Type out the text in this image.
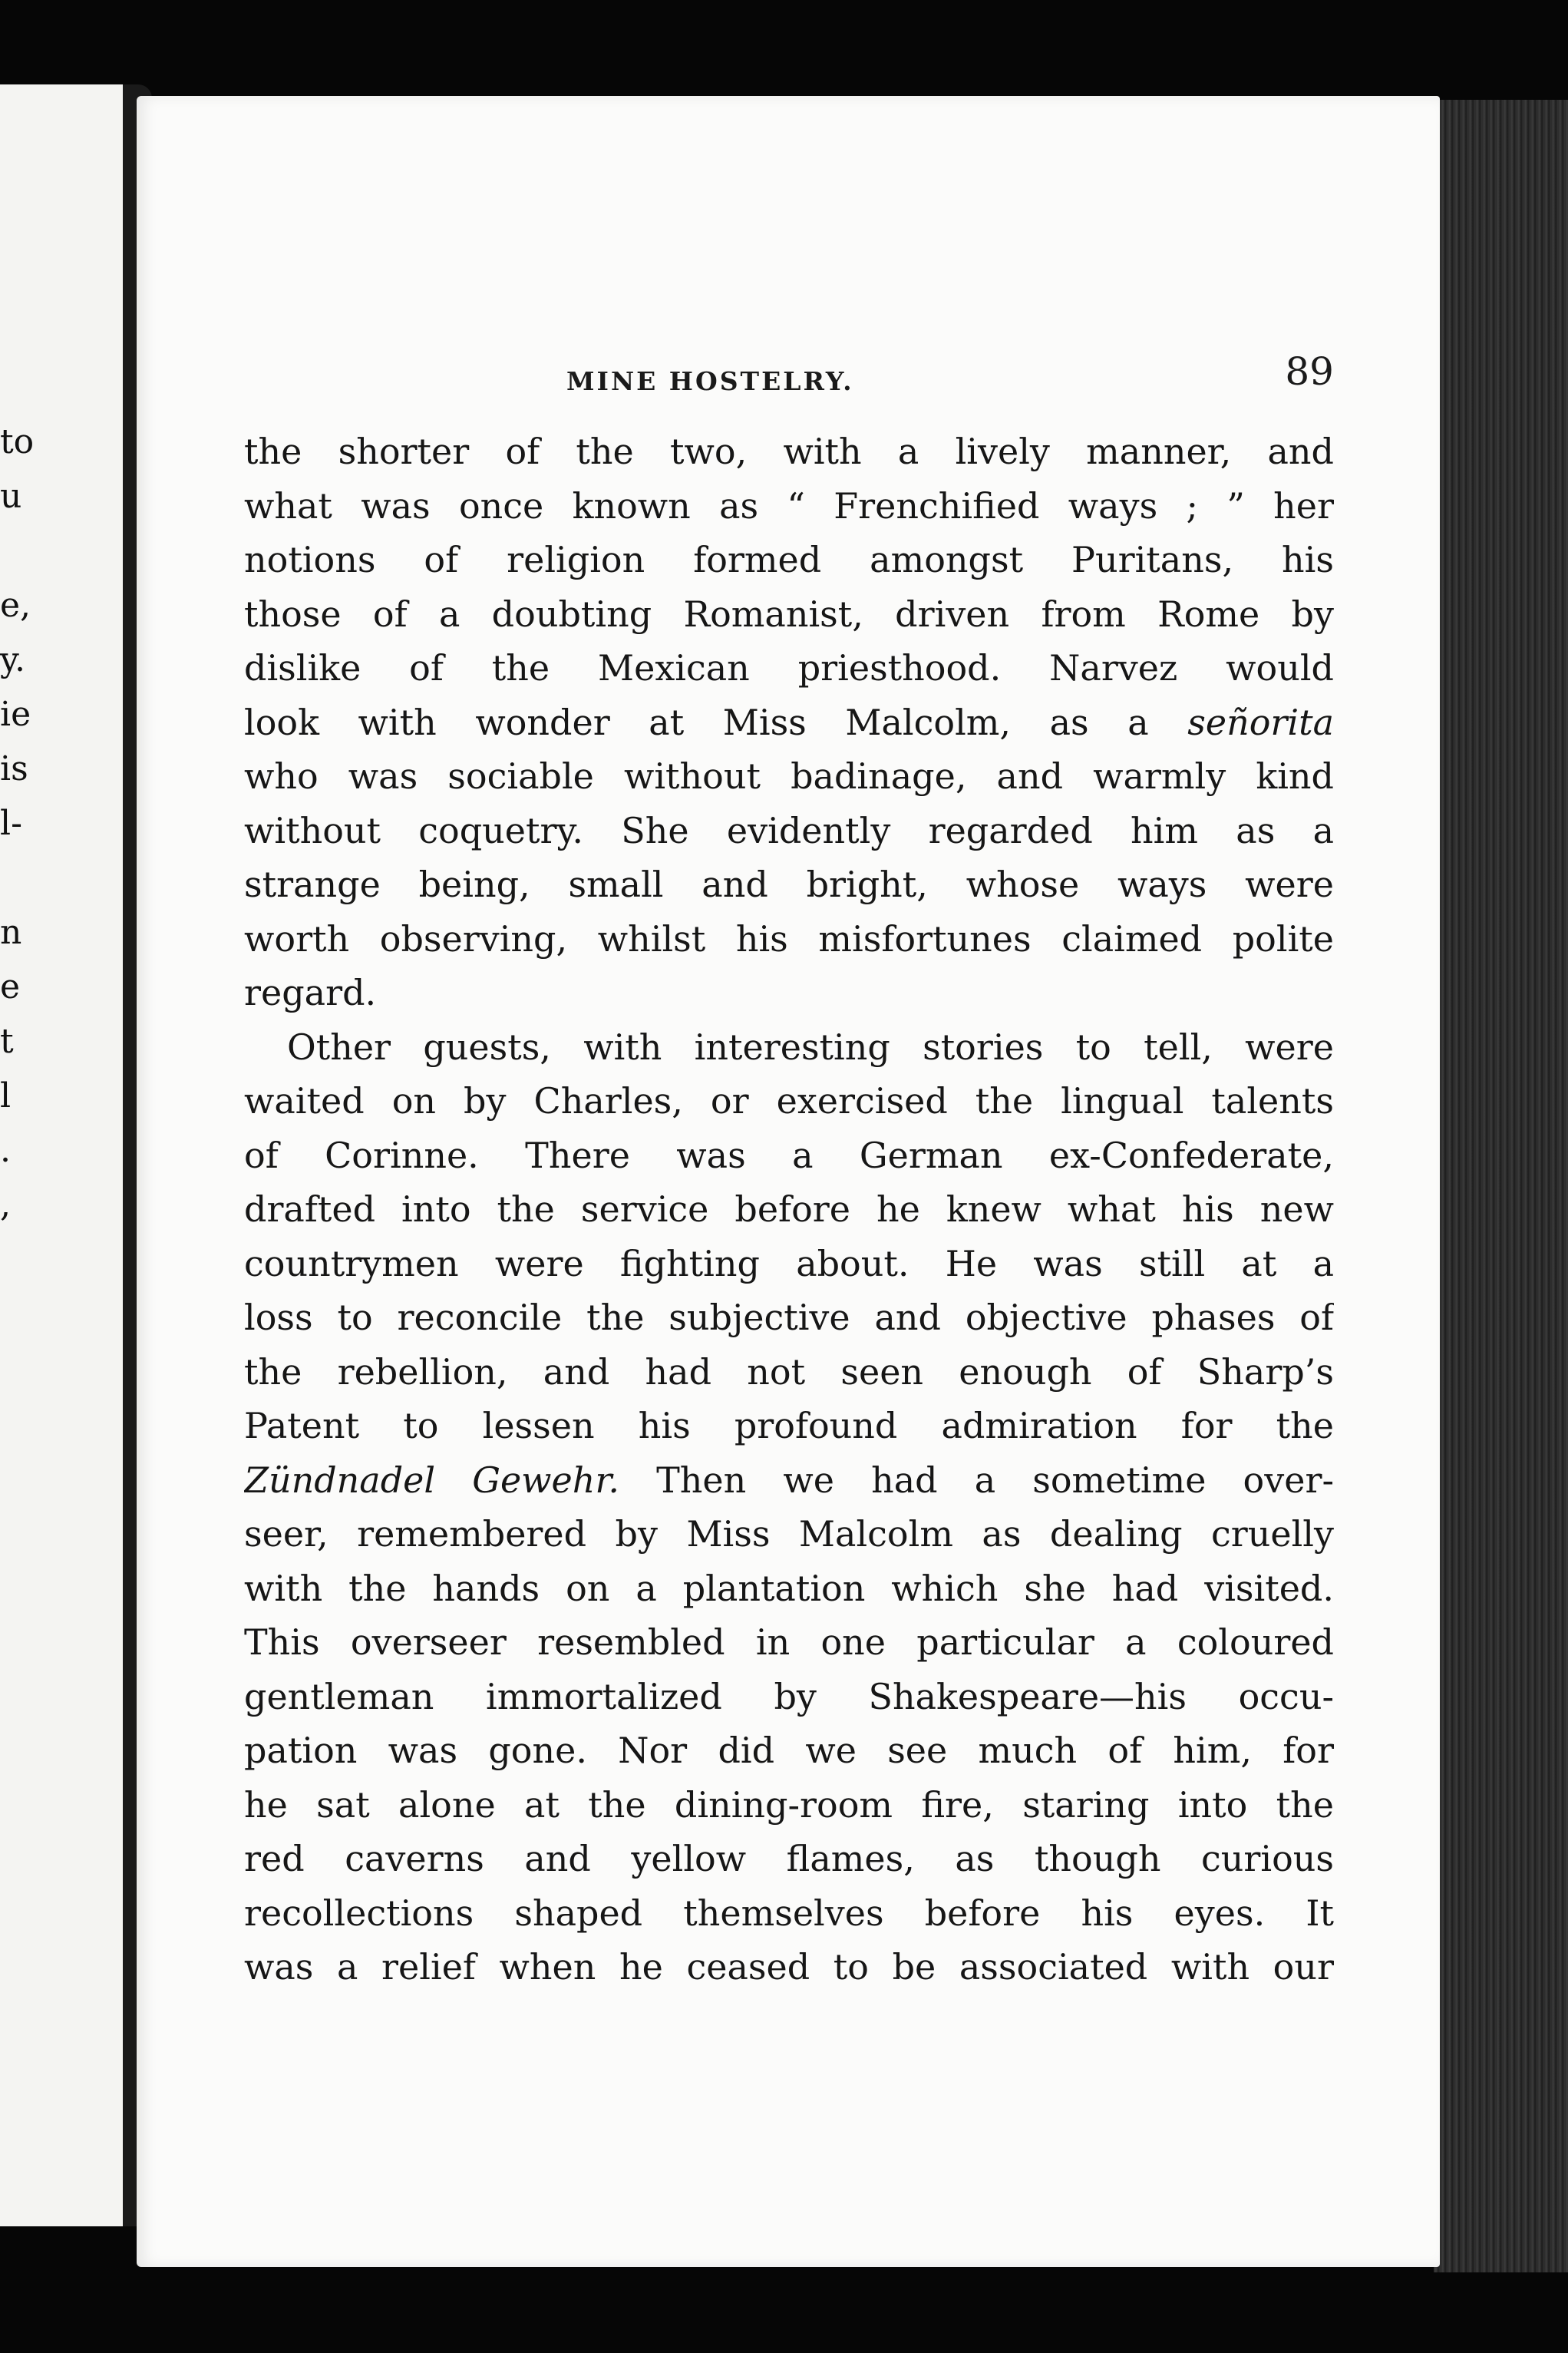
to
u
e,
y.
ie
is
l-
n
e
t
l
.
,
MINE HOSTELRY.	89
the shorter of the two, with a lively manner, and
what was once known as “ Frenchified ways ; ” her
notions of religion formed amongst Puritans, his
those of a doubting Romanist, driven from Rome by
dislike of the Mexican priesthood. Narvez would
look with wonder at Miss Malcolm, as a señorita
who was sociable without badinage, and warmly kind
without coquetry. She evidently regarded him as a
strange being, small and bright, whose ways were
worth observing, whilst his misfortunes claimed polite
regard.
Other guests, with interesting stories to tell, were
waited on by Charles, or exercised the lingual talents
of Corinne. There was a German ex-Confederate,
drafted into the service before he knew what his new
countrymen were fighting about. He was still at a
loss to reconcile the subjective and objective phases of
the rebellion, and had not seen enough of Sharp’s
Patent to lessen his profound admiration for the
Zündnadel Gewehr. Then we had a sometime over-
seer, remembered by Miss Malcolm as dealing cruelly
with the hands on a plantation which she had visited.
This overseer resembled in one particular a coloured
gentleman immortalized by Shakespeare—his occu-
pation was gone. Nor did we see much of him, for
he sat alone at the dining-room fire, staring into the
red caverns and yellow flames, as though curious
recollections shaped themselves before his eyes. It
was a relief when he ceased to be associated with our
